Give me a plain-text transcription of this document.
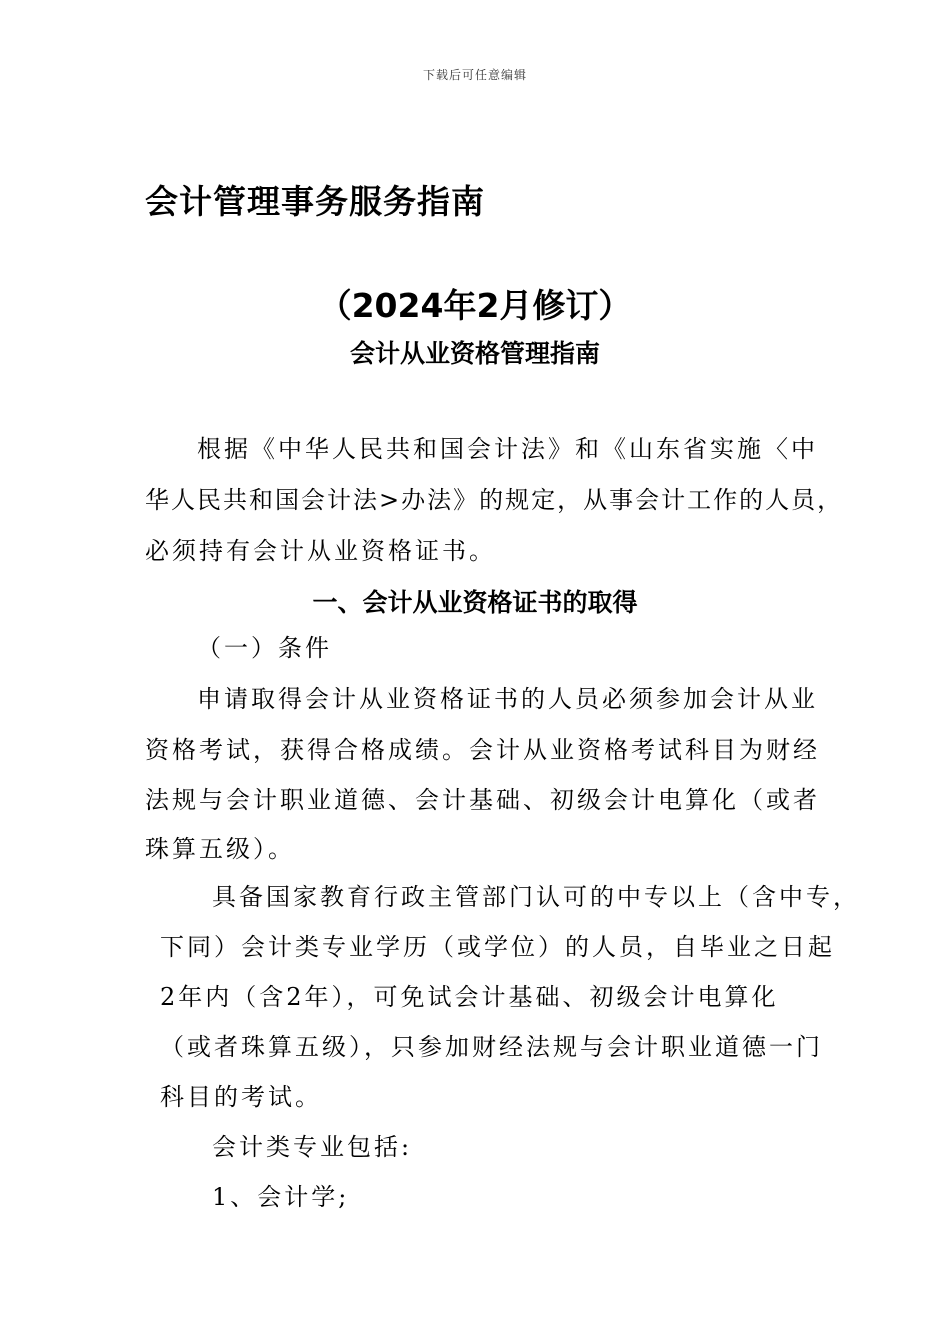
下载后可任意编辑
会计管理事务服务指南
（2024年2月修订）
会计从业资格管理指南
根据《中华人民共和国会计法》和《山东省实施〈中
华人民共和国会计法>办法》的规定，从事会计工作的人员，
必须持有会计从业资格证书。
一、会计从业资格证书的取得
（一）条件
申请取得会计从业资格证书的人员必须参加会计从业
资格考试，获得合格成绩。会计从业资格考试科目为财经
法规与会计职业道德、会计基础、初级会计电算化（或者
珠算五级）。
具备国家教育行政主管部门认可的中专以上（含中专，
下同）会计类专业学历（或学位）的人员，自毕业之日起
2年内（含2年），可免试会计基础、初级会计电算化
（或者珠算五级），只参加财经法规与会计职业道德一门
科目的考试。
会计类专业包括:
1、会计学;
